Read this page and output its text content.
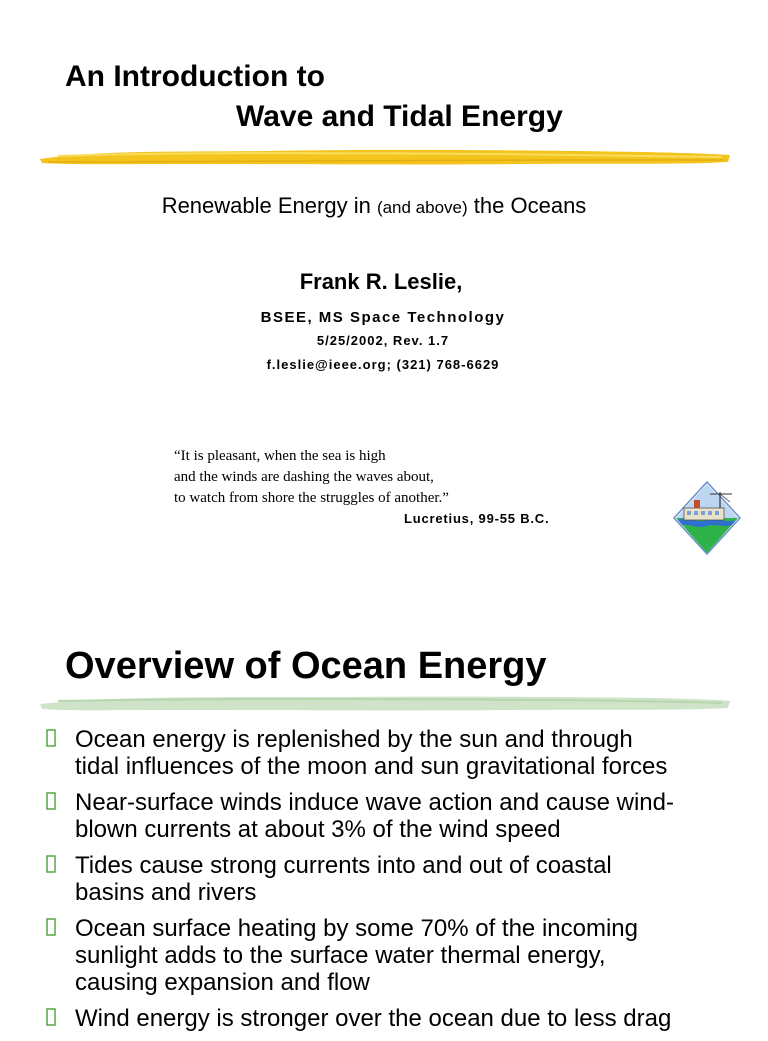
An Introduction to
Wave and Tidal Energy
Renewable Energy in (and above) the Oceans
Frank R. Leslie,
BSEE, MS Space Technology
5/25/2002, Rev. 1.7
f.leslie@ieee.org; (321) 768-6629
“It is pleasant, when the sea is high
and the winds are dashing the waves about,
to watch from shore the struggles of another.”
Lucretius, 99-55 B.C.
Overview of Ocean Energy
Ocean energy is replenished by the sun and through
tidal influences of the moon and sun gravitational forces
Near-surface winds induce wave action and cause wind-
blown currents at about 3% of the wind speed
Tides cause strong currents into and out of coastal
basins and rivers
Ocean surface heating by some 70% of the incoming
sunlight adds to the surface water thermal energy,
causing expansion and flow
Wind energy is stronger over the ocean due to less drag
